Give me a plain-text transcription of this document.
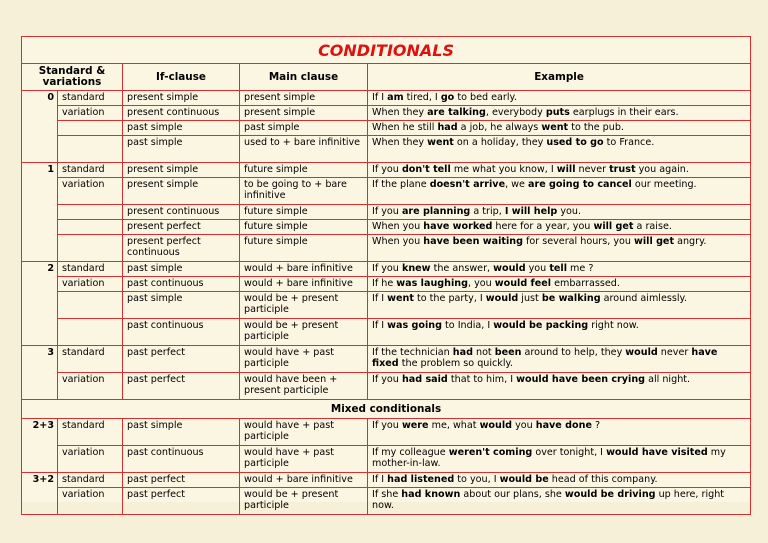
CONDITIONALS				
Standard & variations		If-clause	Main clause	Example
0	standard	present simple	present simple	If I am tired, I go to bed early.
	variation	present continuous	present simple	When they are talking, everybody puts earplugs in their ears.
		past simple	past simple	When he still had a job, he always went to the pub.
		past simple	used to + bare infinitive	When they went on a holiday, they used to go to France.
1	standard	present simple	future simple	If you don't tell me what you know, I will never trust you again.
	variation	present simple	to be going to + bare infinitive	If the plane doesn't arrive, we are going to cancel our meeting.
		present continuous	future simple	If you are planning a trip, I will help you.
		present perfect	future simple	When you have worked here for a year, you will get a raise.
		present perfect continuous	future simple	When you have been waiting for several hours, you will get angry.
2	standard	past simple	would + bare infinitive	If you knew the answer, would you tell me ?
	variation	past continuous	would + bare infinitive	If he was laughing, you would feel embarrassed.
		past simple	would be + present participle	If I went to the party, I would just be walking around aimlessly.
		past continuous	would be + present participle	If I was going to India, I would be packing right now.
3	standard	past perfect	would have + past participle	If the technician had not been around to help, they would never have fixed the problem so quickly.
	variation	past perfect	would have been + present participle	If you had said that to him, I would have been crying all night.
Mixed conditionals				
2+3	standard	past simple	would have + past participle	If you were me, what would you have done ?
	variation	past continuous	would have + past participle	If my colleague weren't coming over tonight, I would have visited my mother-in-law.
3+2	standard	past perfect	would + bare infinitive	If I had listened to you, I would be head of this company.
	variation	past perfect	would be + present participle	If she had known about our plans, she would be driving up here, right now.
